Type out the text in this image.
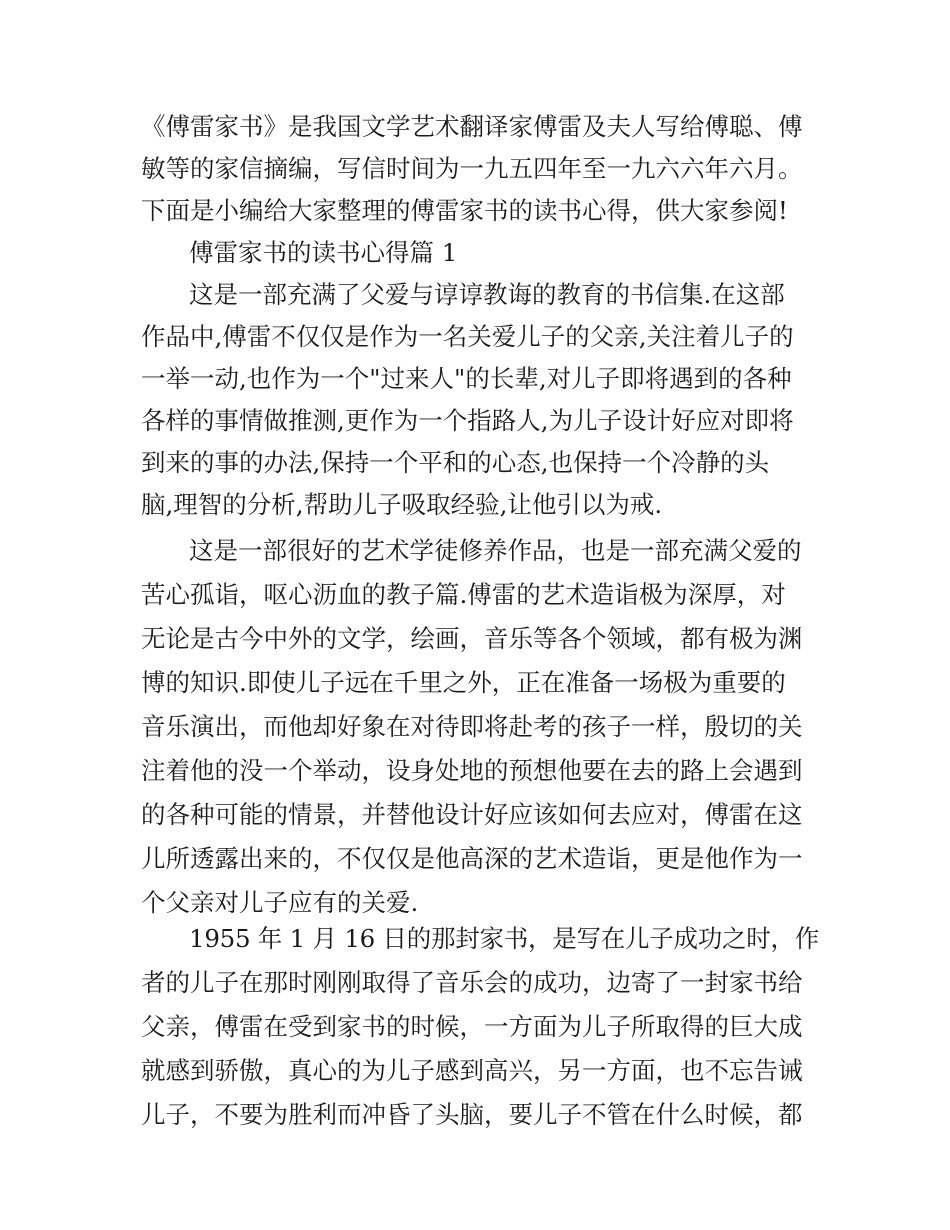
《傅雷家书》是我国文学艺术翻译家傅雷及夫人写给傅聪、傅
敏等的家信摘编，写信时间为一九五四年至一九六六年六月。
下面是小编给大家整理的傅雷家书的读书心得，供大家参阅!
傅雷家书的读书心得篇 1
这是一部充满了父爱与谆谆教诲的教育的书信集.在这部
作品中,傅雷不仅仅是作为一名关爱儿子的父亲,关注着儿子的
一举一动,也作为一个"过来人"的长辈,对儿子即将遇到的各种
各样的事情做推测,更作为一个指路人,为儿子设计好应对即将
到来的事的办法,保持一个平和的心态,也保持一个冷静的头
脑,理智的分析,帮助儿子吸取经验,让他引以为戒.
这是一部很好的艺术学徒修养作品，也是一部充满父爱的
苦心孤诣，呕心沥血的教子篇.傅雷的艺术造诣极为深厚，对
无论是古今中外的文学，绘画，音乐等各个领域，都有极为渊
博的知识.即使儿子远在千里之外，正在准备一场极为重要的
音乐演出，而他却好象在对待即将赴考的孩子一样，殷切的关
注着他的没一个举动，设身处地的预想他要在去的路上会遇到
的各种可能的情景，并替他设计好应该如何去应对，傅雷在这
儿所透露出来的，不仅仅是他高深的艺术造诣，更是他作为一
个父亲对儿子应有的关爱.
1955 年 1 月 16 日的那封家书，是写在儿子成功之时，作
者的儿子在那时刚刚取得了音乐会的成功，边寄了一封家书给
父亲，傅雷在受到家书的时候，一方面为儿子所取得的巨大成
就感到骄傲，真心的为儿子感到高兴，另一方面，也不忘告诫
儿子，不要为胜利而冲昏了头脑，要儿子不管在什么时候，都
